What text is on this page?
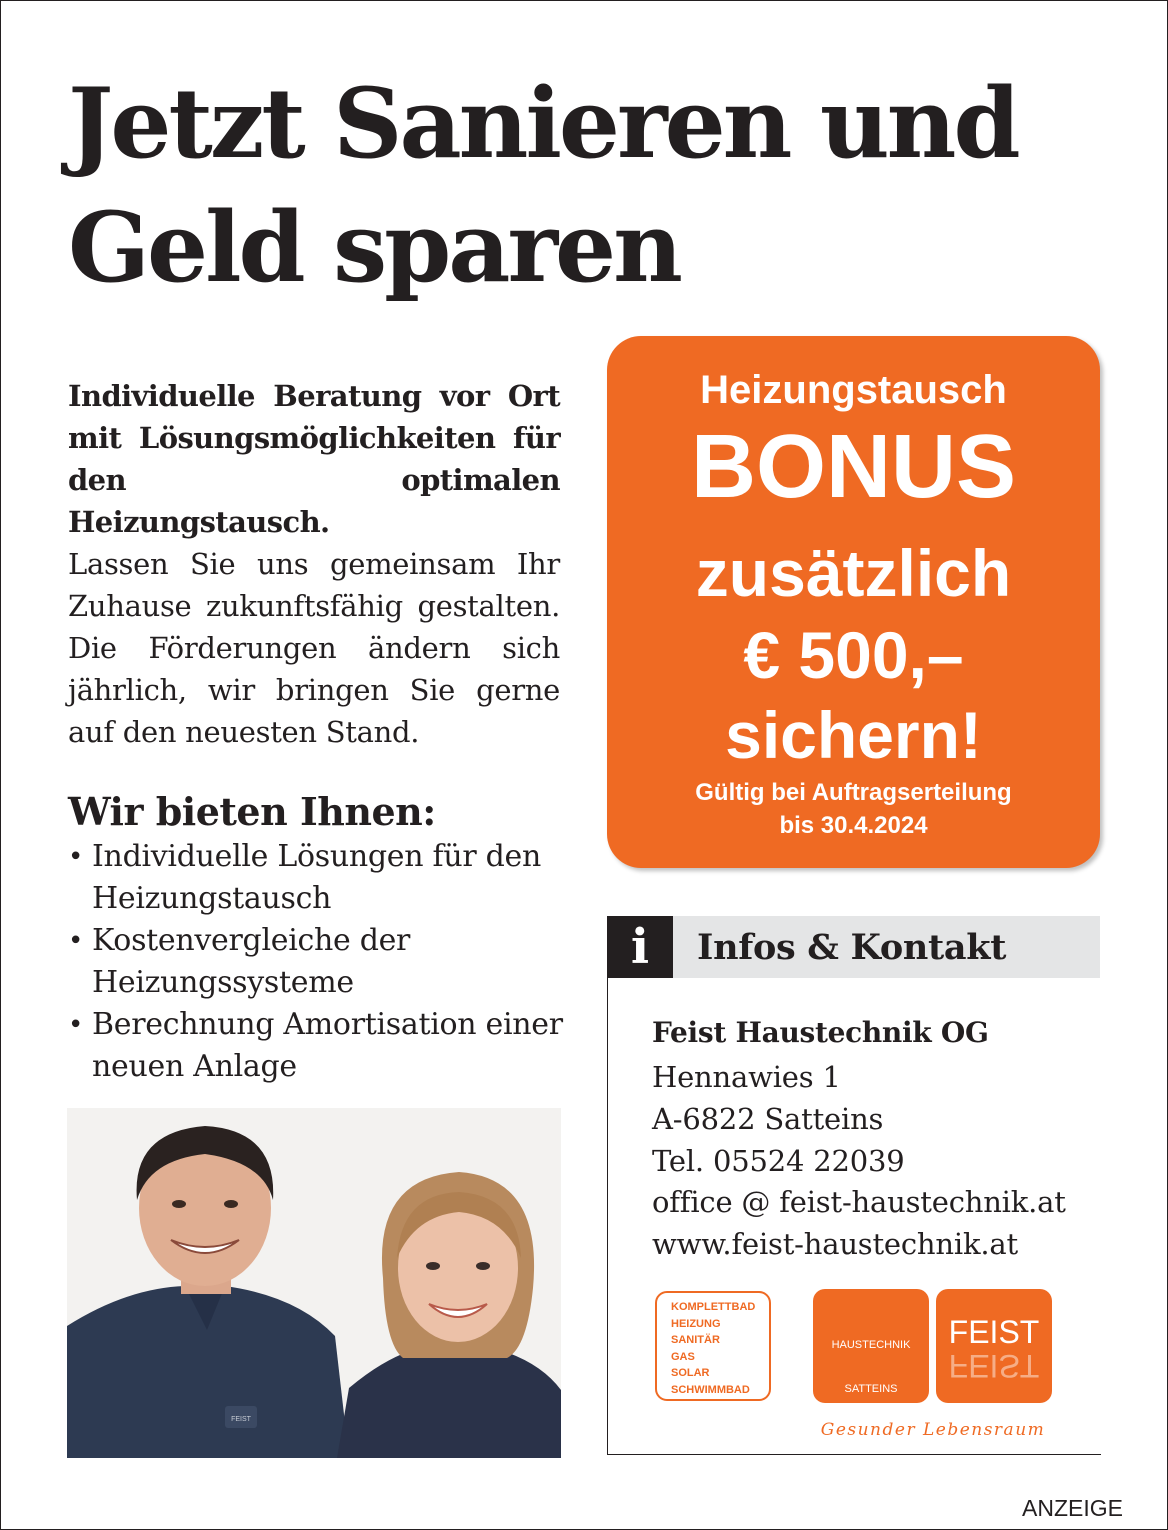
Jetzt Sanieren und
Geld sparen

Individuelle Beratung vor Ort mit Lösungsmöglichkeiten für den optimalen Heizungstausch.

Lassen Sie uns gemeinsam Ihr Zuhause zukunftsfähig gestalten. Die Förderungen ändern sich jährlich, wir bringen Sie gerne auf den neuesten Stand.

Wir bieten Ihnen:
• Individuelle Lösungen für den Heizungstausch
• Kostenvergleiche der Heizungssysteme
• Berechnung Amortisation einer neuen Anlage
FEIST
Heizungstausch
BONUS
zusätzlich
€ 500,–
sichern!
Gültig bei Auftragserteilung
bis 30.4.2024
i	Infos & Kontakt
Feist Haustechnik OG
Hennawies 1
A-6822 Satteins
Tel. 05524 22039
office @ feist-haustechnik.at
www.feist-haustechnik.at
KOMPLETTBAD
HEIZUNG
SANITÄR
GAS
SOLAR
SCHWIMMBAD
HAUSTECHNIK
SATTEINS
FEIST
FEIST
Gesunder Lebensraum
ANZEIGE
